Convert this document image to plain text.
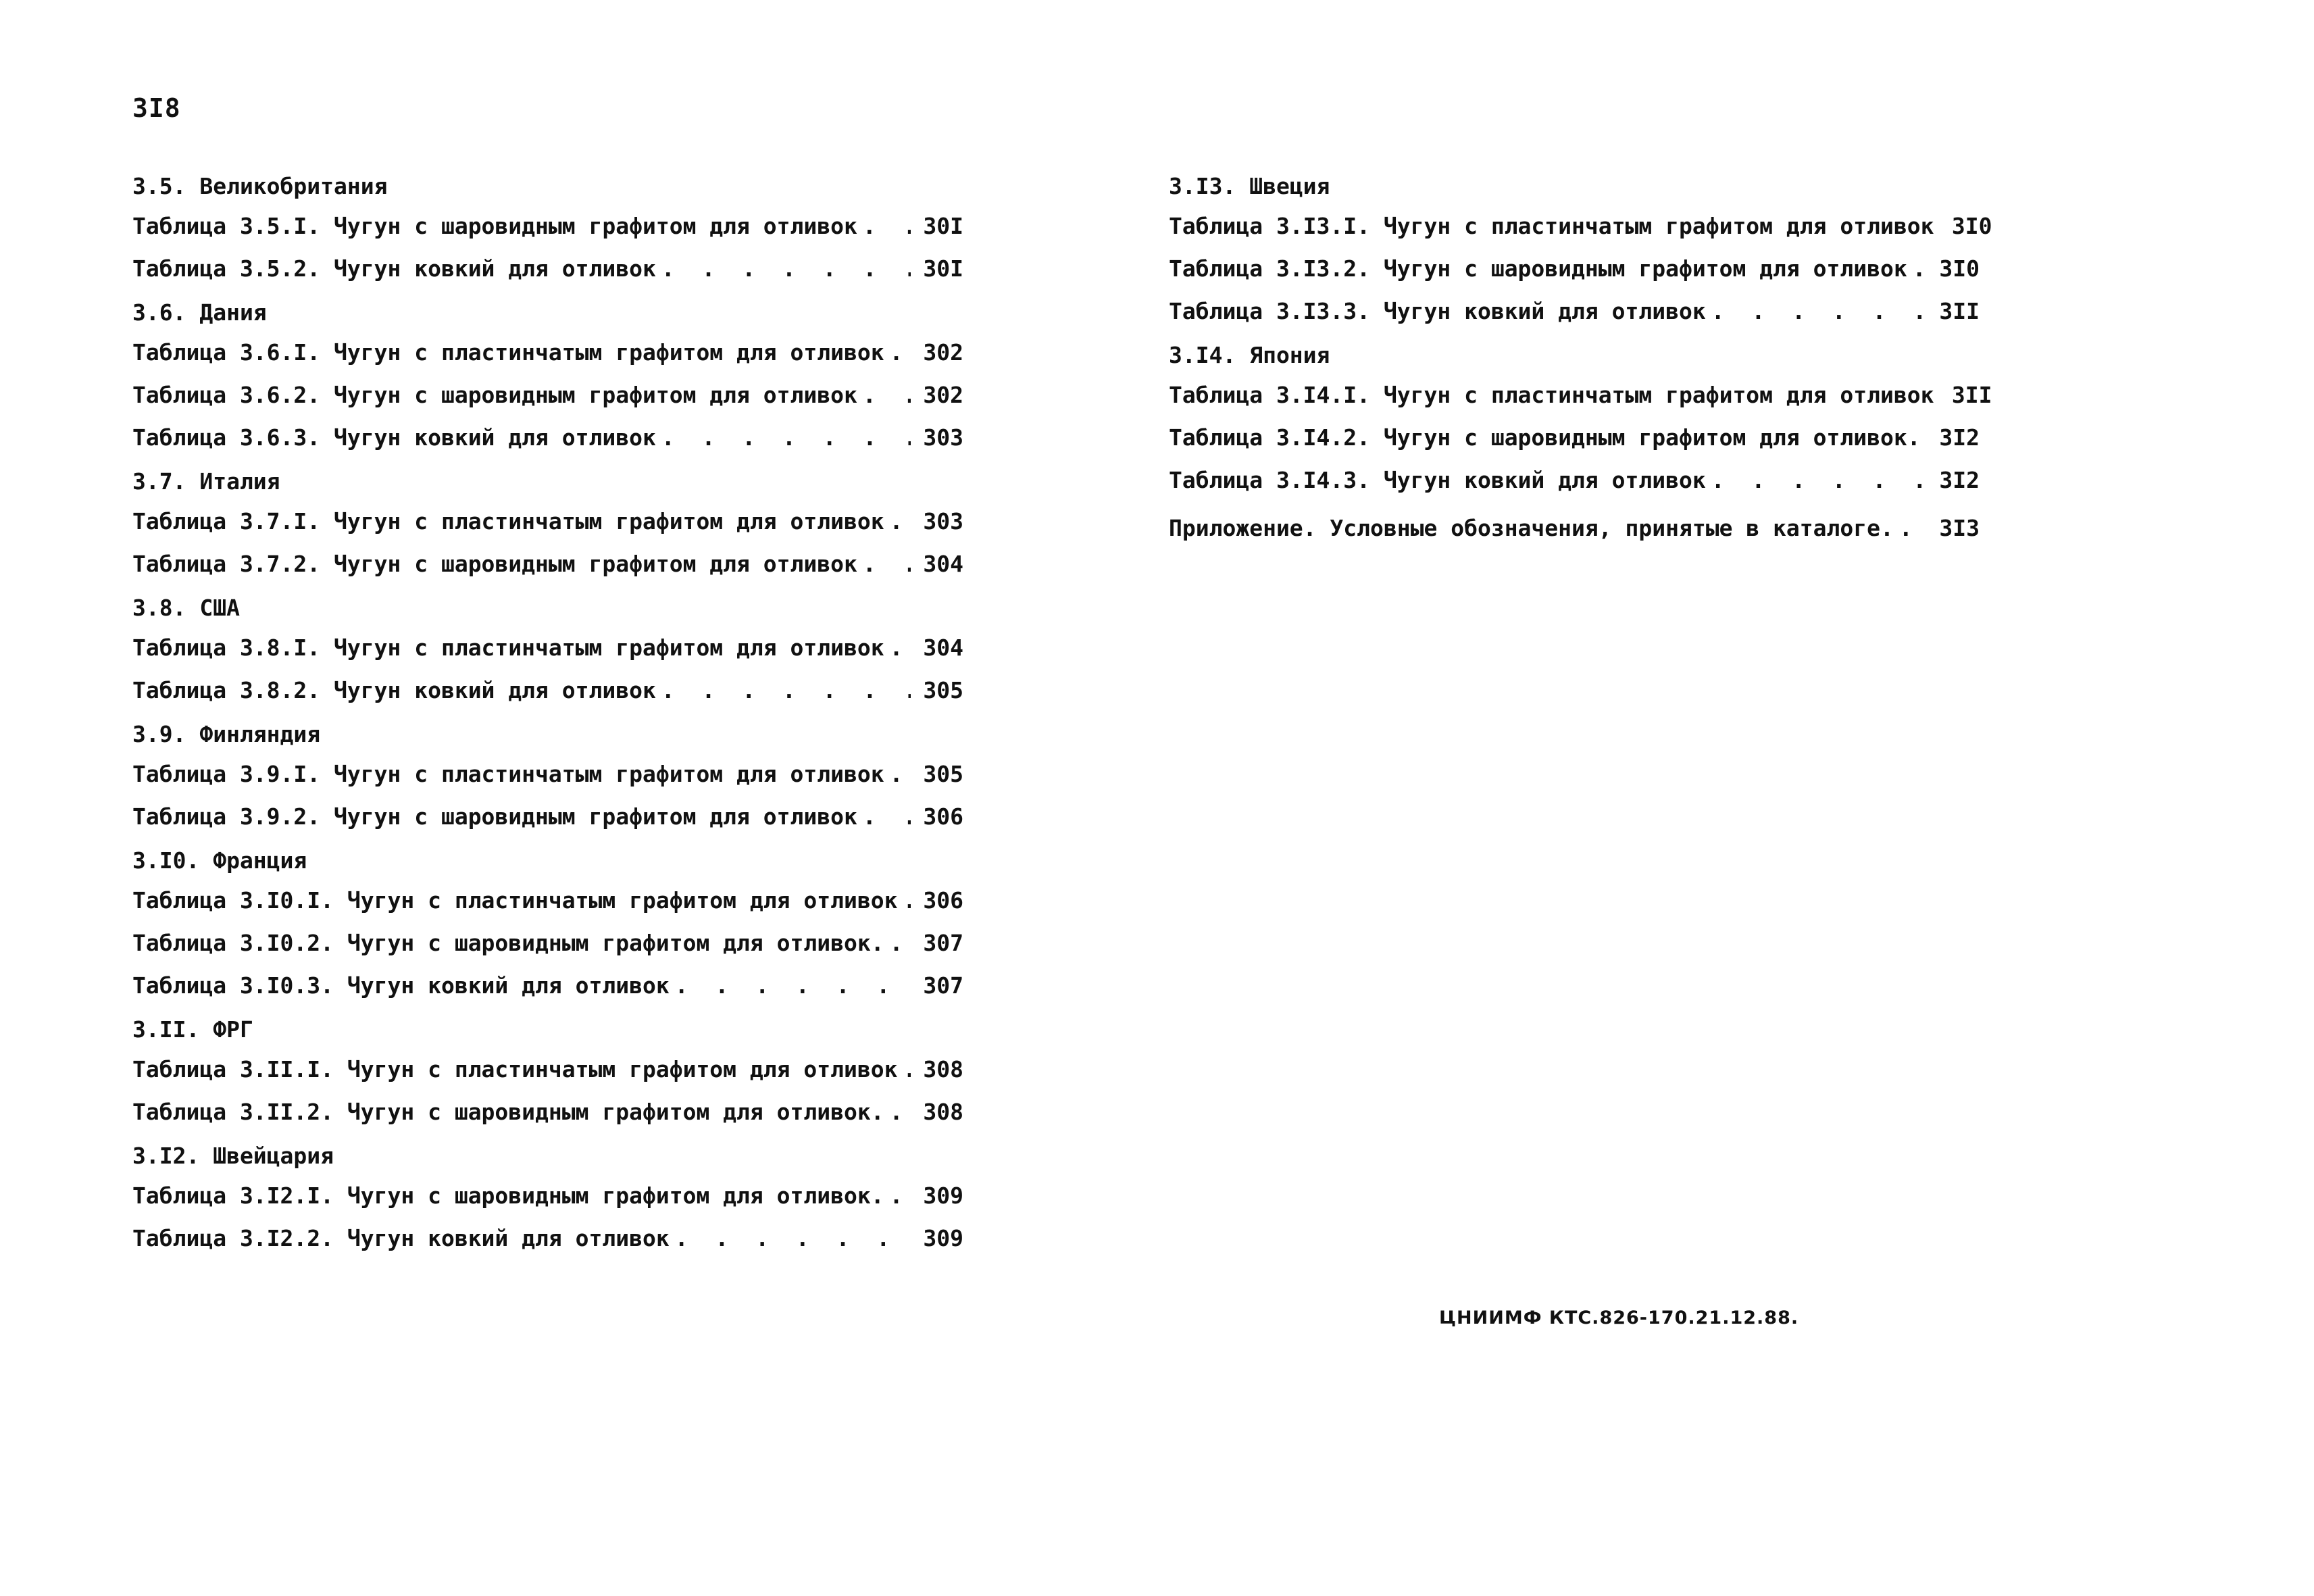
3I8
3.5. Великобритания
Таблица 3.5.I. Чугун с шаровидным графитом для отливок . . .	30I
Таблица 3.5.2. Чугун ковкий для отливок . . .	30I
3.6. Дания
Таблица 3.6.I. Чугун с пластинчатым графитом для отливок . . .	302
Таблица 3.6.2. Чугун с шаровидным графитом для отливок . . .	302
Таблица 3.6.3. Чугун ковкий для отливок . . .	303
3.7. Италия
Таблица 3.7.I. Чугун с пластинчатым графитом для отливок . . .	303
Таблица 3.7.2. Чугун с шаровидным графитом для отливок . . .	304
3.8. США
Таблица 3.8.I. Чугун с пластинчатым графитом для отливок . . .	304
Таблица 3.8.2. Чугун ковкий для отливок . . .	305
3.9. Финляндия
Таблица 3.9.I. Чугун с пластинчатым графитом для отливок . . .	305
Таблица 3.9.2. Чугун с шаровидным графитом для отливок . . .	306
3.I0. Франция
Таблица 3.I0.I. Чугун с пластинчатым графитом для отливок . . .	306
Таблица 3.I0.2. Чугун с шаровидным графитом для отливок. . . .	307
Таблица 3.I0.3. Чугун ковкий для отливок . . .	307
3.II. ФРГ
Таблица 3.II.I. Чугун с пластинчатым графитом для отливок . . .	308
Таблица 3.II.2. Чугун с шаровидным графитом для отливок. . . .	308
3.I2. Швейцария
Таблица 3.I2.I. Чугун с шаровидным графитом для отливок. . . .	309
Таблица 3.I2.2. Чугун ковкий для отливок . . .	309
3.I3. Швеция
Таблица 3.I3.I. Чугун с пластинчатым графитом для отливок 3I0
Таблица 3.I3.2. Чугун с шаровидным графитом для отливок . . .	3I0
Таблица 3.I3.3. Чугун ковкий для отливок . . .	3II
3.I4. Япония
Таблица 3.I4.I. Чугун с пластинчатым графитом для отливок 3II
Таблица 3.I4.2. Чугун с шаровидным графитом для отливок. . . . 3I2
Таблица 3.I4.3. Чугун ковкий для отливок . . .	3I2
Приложение. Условные обозначения, принятые в каталоге. . . .	3I3
ЦНИИМФ КТС.826-170.21.12.88.
